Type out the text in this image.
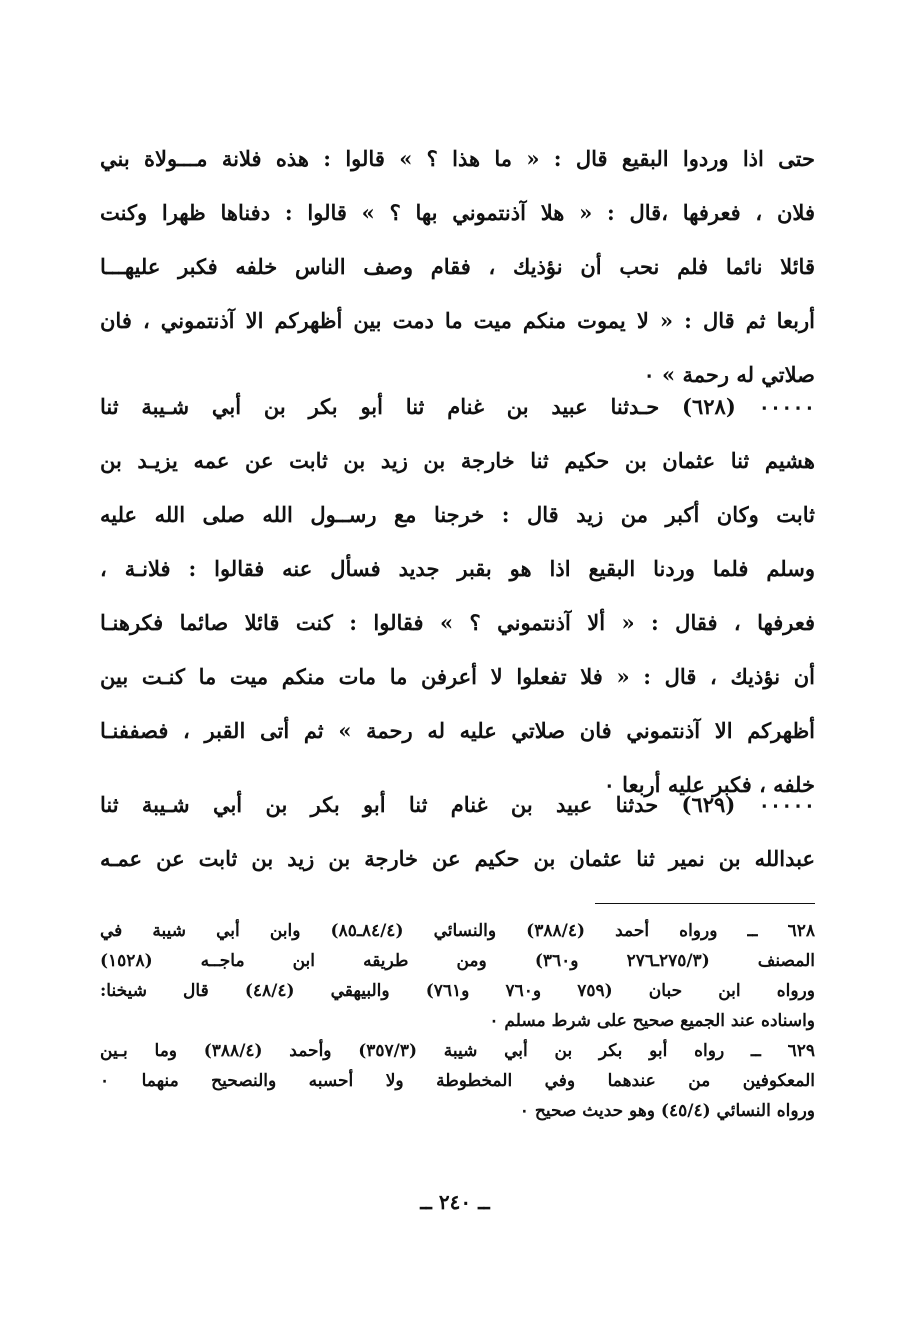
حتى اذا وردوا البقيع قال : « ما هذا ؟ » قالوا : هذه فلانة مـــولاة بني
فلان ، فعرفها ،قال : « هلا آذنتموني بها ؟ » قالوا : دفناها ظهرا وكنت
قائلا نائما فلم نحب أن نؤذيك ، فقام وصف الناس خلفه فكبر عليهـــا
أربعا ثم قال : « لا يموت منكم ميت ما دمت بين أظهركم الا آذنتموني ، فان
صلاتي له رحمة » ٠
٠٠٠٠٠ (٦٢٨) حـدثنا عبيد بن غنام ثنا أبو بكر بن أبي شـيبة ثنا
هشيم ثنا عثمان بن حكيم ثنا خارجة بن زيد بن ثابت عن عمه يزيـد بن
ثابت وكان أكبر من زيد قال : خرجنا مع رســول الله صلى الله عليه
وسلم فلما وردنا البقيع اذا هو بقبر جديد فسأل عنه فقالوا : فلانـة ،
فعرفها ، فقال : « ألا آذنتموني ؟ » فقالوا : كنت قائلا صائما فكرهنـا
أن نؤذيك ، قال : « فلا تفعلوا لا أعرفن ما مات منكم ميت ما كنـت بين
أظهركم الا آذنتموني فان صلاتي عليه له رحمة » ثم أتى القبر ، فصففنـا
خلفه ، فكبر عليه أربعا ٠
٠٠٠٠٠ (٦٢٩) حدثنا عبيد بن غنام ثنا أبو بكر بن أبي شـيبة ثنا
عبدالله بن نمير ثنا عثمان بن حكيم عن خارجة بن زيد بن ثابت عن عمـه
٦٢٨ ــ ورواه أحمد (٣٨٨/٤) والنسائي (٨٤/٤ـ٨٥) وابن أبي شيبة في
المصنف (٢٧٥/٣ـ٢٧٦ و٣٦٠) ومن طريقه ابن ماجــه (١٥٢٨)
ورواه ابن حبان (٧٥٩ و٧٦٠ و٧٦١) والبيهقي (٤٨/٤) قال شيخنا:
واسناده عند الجميع صحيح على شرط مسلم ٠
٦٢٩ ــ رواه أبو بكر بن أبي شيبة (٣٥٧/٣) وأحمد (٣٨٨/٤) وما بـين
المعكوفين من عندهما وفي المخطوطة ولا أحسبه والنصحيح منهما ٠
ورواه النسائي (٤٥/٤) وهو حديث صحيح ٠
ــ ٢٤٠ ــ
